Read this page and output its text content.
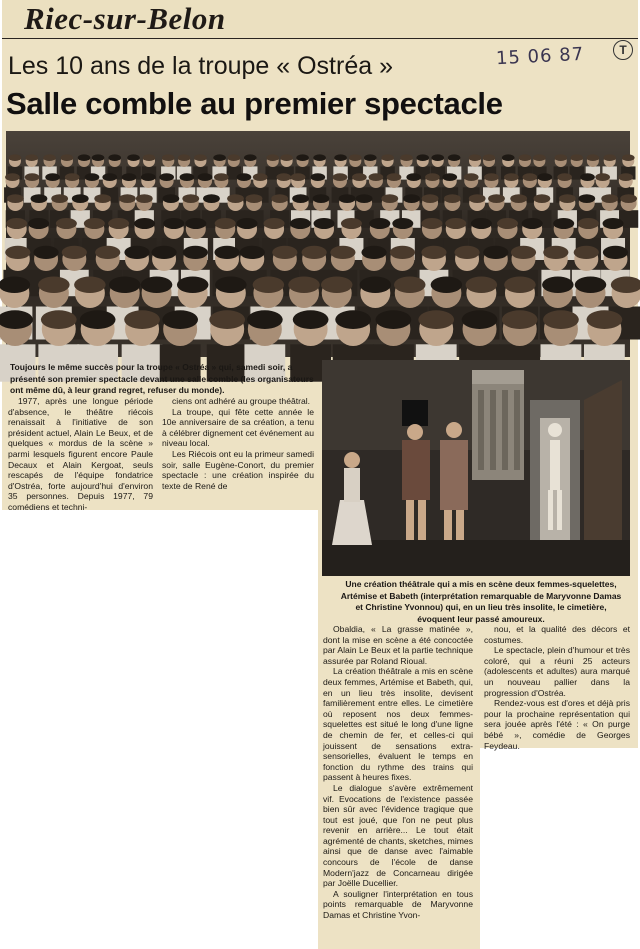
Riec-sur-Belon
15 06 87	T
Les 10 ans de la troupe « Ostréa »
Salle comble au premier spectacle
Toujours le même succès pour la troupe « Ostréa » qui, samedi soir, a présenté son premier spectacle devant une salle comble (les organisateurs ont même dû, à leur grand regret, refuser du monde).
Une création théâtrale qui a mis en scène deux femmes-squelettes, Artémise et Babeth (interprétation remarquable de Maryvonne Damas et Christine Yvonnou) qui, en un lieu très insolite, le cimetière, évoquent leur passé amoureux.

1977, après une longue période d'absence, le théâtre riécois renaissait à l'initiative de son président actuel, Alain Le Beux, et de quelques « mordus de la scène » parmi lesquels figurent encore Paule Decaux et Alain Kergoat, seuls rescapés de l'équipe fondatrice d'Ostréa, forte aujourd'hui d'environ 35 personnes. Depuis 1977, 79 comédiens et techni-

ciens ont adhéré au groupe théâtral.

La troupe, qui fête cette année le 10e anniversaire de sa création, a tenu à célébrer dignement cet événement au niveau local.

Les Riécois ont eu la primeur samedi soir, salle Eugène-Conort, du premier spectacle : une création inspirée du texte de René de

Obaldia, « La grasse matinée », dont la mise en scène a été concoctée par Alain Le Beux et la partie technique assurée par Roland Rioual.

La création théâtrale a mis en scène deux femmes, Artémise et Babeth, qui, en un lieu très insolite, devisent familièrement entre elles. Le cimetière où reposent nos deux femmes-squelettes est situé le long d'une ligne de chemin de fer, et celles-ci qui jouissent de sensations extra-sensorielles, évaluent le temps en fonction du rythme des trains qui passent à heures fixes.

Le dialogue s'avère extrêmement vif. Evocations de l'existence passée bien sûr avec l'évidence tragique que tout est joué, que l'on ne peut plus revenir en arrière... Le tout était agrémenté de chants, sketches, mimes ainsi que de danse avec l'aimable concours de l'école de danse Modern'jazz de Concarneau dirigée par Joëlle Ducellier.

A souligner l'interprétation en tous points remarquable de Maryvonne Damas et Christine Yvon-

nou, et la qualité des décors et costumes.

Le spectacle, plein d'humour et très coloré, qui a réuni 25 acteurs (adolescents et adultes) aura marqué un nouveau pallier dans la progression d'Ostréa.

Rendez-vous est d'ores et déjà pris pour la prochaine représentation qui sera jouée après l'été : « On purge bébé », comédie de Georges Feydeau.
